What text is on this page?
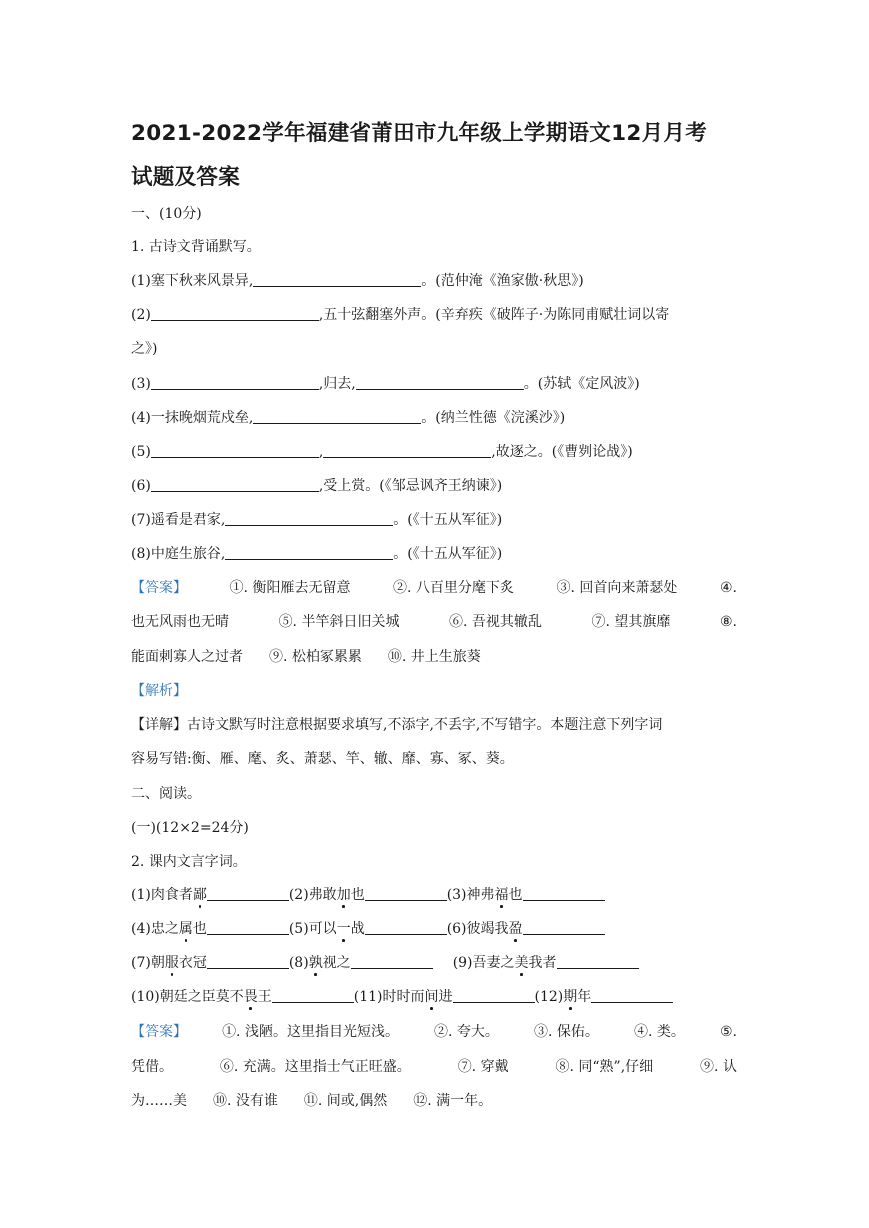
2021-2022学年福建省莆田市九年级上学期语文12月月考
试题及答案
一、(10分)
1. 古诗文背诵默写。
(1)塞下秋来风景异,	。(范仲淹《渔家傲·秋思》)
(2)	,五十弦翻塞外声。(辛弃疾《破阵子·为陈同甫赋壮词以寄
之》)
(3)	,归去,	。(苏轼《定风波》)
(4)一抹晚烟荒戍垒,	。(纳兰性德《浣溪沙》)
(5)	,	,故逐之。(《曹刿论战》)
(6)	,受上赏。(《邹忌讽齐王纳谏》)
(7)遥看是君家,	。(《十五从军征》)
(8)中庭生旅谷,	。(《十五从军征》)
【答案】	①. 衡阳雁去无留意	②. 八百里分麾下炙	③. 回首向来萧瑟处	④.
也无风雨也无晴	⑤. 半竿斜日旧关城	⑥. 吾视其辙乱	⑦. 望其旗靡	⑧.
能面刺寡人之过者 ⑨. 松柏冢累累 ⑩. 井上生旅葵
【解析】
【详解】古诗文默写时注意根据要求填写,不添字,不丢字,不写错字。本题注意下列字词
容易写错:衡、雁、麾、炙、萧瑟、竿、辙、靡、寡、冢、葵。
二、阅读。
(一)(12×2=24分)
2. 课内文言字词。
(1)肉食者鄙	(2)弗敢加也	(3)神弗福也
(4)忠之属也	(5)可以一战	(6)彼竭我盈
(7)朝服衣冠	(8)孰视之	(9)吾妻之美我者
(10)朝廷之臣莫不畏王	(11)时时而间进	(12)期年
【答案】	①. 浅陋。这里指目光短浅。	②. 夸大。	③. 保佑。	④. 类。	⑤.
凭借。	⑥. 充满。这里指士气正旺盛。	⑦. 穿戴	⑧. 同“熟”,仔细	⑨. 认
为……美 ⑩. 没有谁 ⑪. 间或,偶然 ⑫. 满一年。
